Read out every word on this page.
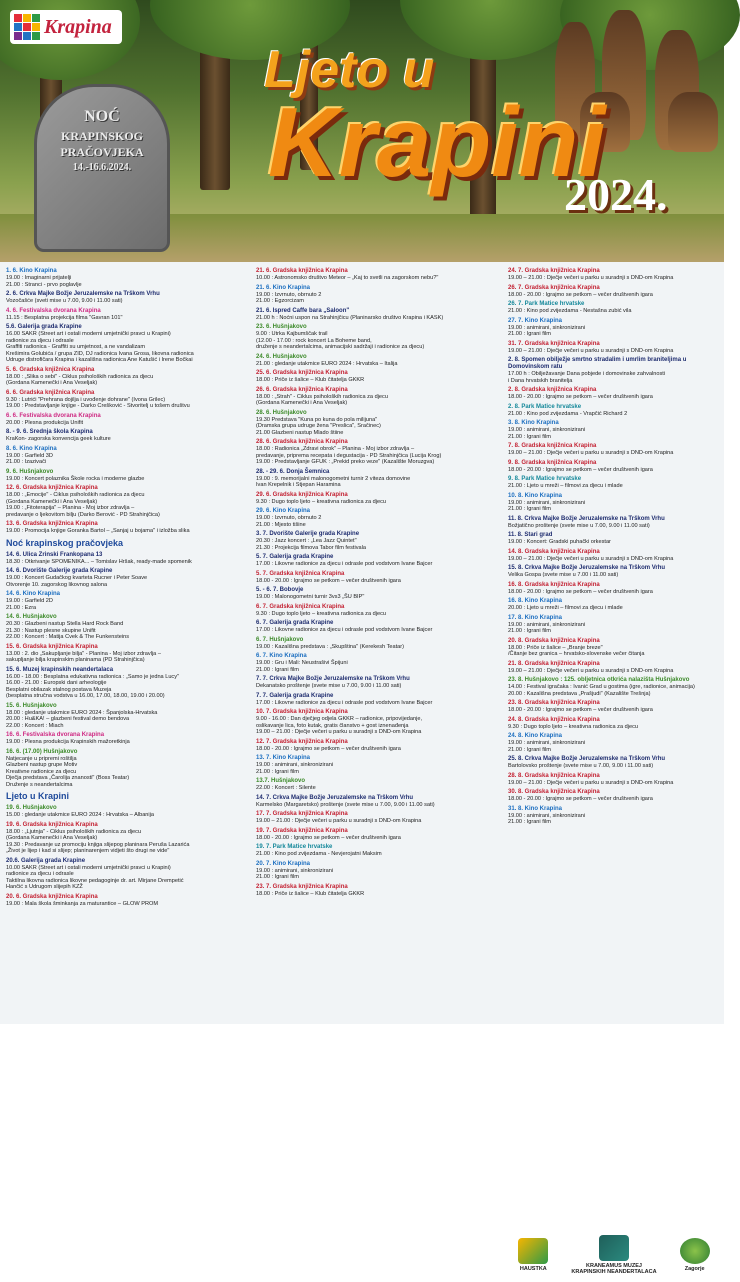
Krapina
NOĆ
KRAPINSKOG
PRAČOVJEKA
14.-16.6.2024.
Ljeto u
Krapini
2024.
1. 6. Kino Krapina
19.00 : Imaginarni prijatelji
21.00 : Stranci - prvo poglavlje
2. 6. Crkva Majke Božje Jeruzalemske na Trškom Vrhu
Vozočašće (sveti mise u 7.00, 9.00 i 11.00 sati)
4. 6. Festivalska dvorana Krapina
11.15 : Besplatna projekcija filma "Gavran 101"
5.6. Galerija grada Krapine
16.00 SAKR (Street art i ostali moderni umjetnički pravci u Krapini)
radionice za djecu i odrasle
Graffiti radionica - Graffiti su umjetnost, a ne vandalizam
Krešimira Golubića / grupa ZID, DJ radionica Ivana Grosa, likovna radionica
Udruge distrofičara Krapina i kazališna radionica Ane Katušić i Irene Bočkai
5. 6. Gradska knjižnica Krapina
18.00 : „Slika o sebi" - Ciklus psiholoških radionica za djecu
(Gordana Kamenečki i Ana Veseljak)
6. 6. Gradska knjižnica Krapina
9.30 : Lutrići "Prehrana dojilja i uvođenje dohrane" (Ivona Grilec)
19.00 : Predstavljanje knjige - Darko Crešković - Stvoritelj u tošem društvu
6. 6. Festivalska dvorana Krapina
20.00 : Plesna produkcija Unifit
8. - 9. 6. Srednja škola Krapina
KraKon- zagorska konvencija geek kulture
8. 6. Kino Krapina
19.00 : Garfield 3D
21.00 : Izazivači
9. 6. Hušnjakovo
19.00 : Koncert polaznika Škole rocka i moderne glazbe
12. 6. Gradska knjižnica Krapina
18.00 : „Emocije" - Ciklus psiholoških radionica za djecu
(Gordana Kamenečki i Ana Veseljak)
19.00 : „Fitoterapija" – Planina - Moj izbor zdravlja –
predavanje o ljekovitom bilju (Darko Berović - PD Strahinjčica)
13. 6. Gradska knjižnica Krapina
19.00 : Promocija knjige Goranka Bartol – „Sanjaj u bojama" i izložba slika
Noć krapinskog pračovjeka
14. 6. Ulica Zrinski Frankopana 13
18.30 : Otkrivanje SPOMENIKA... – Tomislav Hršak, ready-made spomenik
14. 6. Dvorište Galerije grada Krapine
19.00 : Koncert Gudačkog kvarteta Rucner i Peter Soave
Otvorenje 10. zagorskog likovnog salona
14. 6. Kino Krapina
19.00 : Garfield 2D
21.00 : Ezra
14. 6. Hušnjakovo
20.30 : Glazbeni nastup Stella Hard Rock Band
21.30 : Nastup plesne skupine Unifit
22.00 : Koncert : Matija Cvek & The Funkensteins
15. 6. Gradska knjižnica Krapina
13.00 : 2. dio „Sakupljanje bilja" - Planina - Moj izbor zdravlja –
sakupljanje bilja krapinskim planinama (PD Strahinjčica)
15. 6. Muzej krapinskih neandertalaca
16.00 - 18.00 : Besplatna edukativna radionica : „Samo je jedna Lucy"
16.00 - 21.00 : Europski dani arheologije
Besplatni obilazak stalnog postava Muzeja
(besplatna stručna vodstva u 16.00, 17.00, 18.00, 19.00 i 20.00)
15. 6. Hušnjakovo
18.00 : gledanje utakmice EURO 2024 : Španjolska-Hrvatska
20.00 : Hu&KA! – glazbeni festival demo bendova
22.00 : Koncert : Miach
16. 6. Festivalska dvorana Krapina
19.00 : Plesna produkcija Krapinskih mažoretkinja
16. 6. (17.00) Hušnjakovo
Natjecanje u pripremi roštilja
Glazbeni nastup grupe Motiv
Kreativne radionice za djecu
Dječja predstava „Čarolija znanosti" (Boss Teatar)
Druženje s neandertalcima
Ljeto u Krapini
19. 6. Hušnjakovo
15.00 : gledanje utakmice EURO 2024 : Hrvatska – Albanija
19. 6. Gradska knjižnica Krapina
18.00 : „Ljutnja" - Ciklus psiholoških radionica za djecu
(Gordana Kamenečki i Ana Veseljak)
19.30 : Predavanje uz promociju knjiga slijepog planinara Peruša Lazarića
„Život je lijep i kad si slijep; planinarenjem vidjeti što drugi ne vide"
20.6. Galerija grada Krapine
10.00 SAKR (Street art i ostali moderni umjetnički pravci u Krapini)
radionice za djecu i odrasle
Taktilna likovna radionica likovne pedagoginje dr. art. Mirjane Drempetić
Hančić s Udrugom slijepih KZŽ
20. 6. Gradska knjižnica Krapina
19.00 : Mala škola šminkanja za maturantice – GLOW PROM
21. 6. Gradska knjižnica Krapina
10.00 : Astronomsko društvo Meteor – „Kaj to svetli na zagorskom nebu?"
21. 6. Kino Krapina
19.00 : Izvrnuto, obrnuto 2
21.00 : Egzorcizam
21. 6. Ispred Caffe bara „Saloon"
21.00 h : Noćni uspon na Strahinjčicu (Planinarsko društvo Krapina i KASK)
23. 6. Hušnjakovo
9.00 : Utrka Kajbumščak trail
(12.00 - 17.00 : rock koncert La Boheme band,
druženje s neandertalcima, animacijski sadržaji i radionice za djecu)
24. 6. Hušnjakovo
21.00 : gledanje utakmice EURO 2024 : Hrvatska – Italija
25. 6. Gradska knjižnica Krapina
18.00 : Priče iz šalice – Klub čitatelja GKKR
26. 6. Gradska knjižnica Krapina
18.00 : „Strah" - Ciklus psiholoških radionica za djecu
(Gordana Kamenečki i Ana Veseljak)
28. 6. Hušnjakovo
19.30 Predstava "Kuna po kuna do pola milijuna"
(Dramska grupa udruge žena "Preslica", Sračinec)
21.00 Glazbeni nastup Mlado štiine
28. 6. Gradska knjižnica Krapina
18.00 : Radionica „Zdravi obrok" – Planina - Moj izbor zdravlja –
predavanje, priprema recepata i degustacija - PD Strahinjčica (Lucija Krog)
19.00 : Predstavljanje GFUK : „Prekid preko veze" (Kazalište Moruzgva)
28. - 29. 6. Donja Šemnica
19.00 : 9. memorijalni malonogometni turnir 2 viteza domovine
Ivan Krepelnik i Stjepan Haramina
29. 6. Gradska knjižnica Krapina
9.30 : Dugo toplo ljeto – kreativna radionica za djecu
29. 6. Kino Krapina
19.00 : Izvrnuto, obrnuto 2
21.00 : Mjesto tišine
3. 7. Dvorište Galerije grada Krapine
20.30 : Jazz koncert : „Lea Jazz Quintet"
21.30 : Projekcija filmova Tabor film festivala
5. 7. Galerija grada Krapine
17.00 : Likovne radionice za djecu i odrasle pod vodstvom Ivane Bajcer
5. 7. Gradska knjižnica Krapina
18.00 - 20.00 : Igrajmo se petkom – večer društvenih igara
5. - 6. 7. Bobovje
19.00 : Malonogometni turnir 3vs3 „ŠU BIP"
6. 7. Gradska knjižnica Krapina
9.30 : Dugo toplo ljeto – kreativna radionica za djecu
6. 7. Galerija grada Krapine
17.00 : Likovne radionice za djecu i odrasle pod vodstvom Ivane Bajcer
6. 7. Hušnjakovo
19.00 : Kazališna predstava : „Skupština" (Kerekesh Teatar)
6. 7. Kino Krapina
19.00 : Gru i Mali: Neustrašivi Špijuni
21.00 : Igrani film
7. 7. Crkva Majke Božje Jeruzalemske na Trškom Vrhu
Dekanatsko proštenje (svete mise u 7.00, 9.00 i 11.00 sati)
7. 7. Galerija grada Krapine
17.00 : Likovne radionice za djecu i odrasle pod vodstvom Ivane Bajcer
10. 7. Gradska knjižnica Krapina
9.00 - 16.00 : Dan dječjeg odjela GKKR – radionice, pripovijedanje,
oslikavanje lica, foto kutak, gratis članstvo + gost iznenađenja
19.00 – 21.00 : Dječje večeri u parku u suradnji s DND-om Krapina
12. 7. Gradska knjižnica Krapina
18.00 - 20.00 : Igrajmo se petkom – večer društvenih igara
13. 7. Kino Krapina
19.00 : animirani, sinkronizirani
21.00 : Igrani film
13.7. Hušnjakovo
22.00 : Koncert : Silente
14. 7. Crkva Majke Božje Jeruzalemske na Trškom Vrhu
Karmelsko (Margaretsko) proštenje (svete mise u 7.00, 9.00 i 11.00 sati)
17. 7. Gradska knjižnica Krapina
19.00 – 21.00 : Dječje večeri u parku u suradnji s DND-om Krapina
19. 7. Gradska knjižnica Krapina
18.00 - 20.00 : Igrajmo se petkom – večer društvenih igara
19. 7. Park Matice hrvatske
21.00 : Kino pod zvijezdama - Nevjerojatni Maksim
20. 7. Kino Krapina
19.00 : animirani, sinkronizirani
21.00 : Igrani film
23. 7. Gradska knjižnica Krapina
18.00 : Priče iz šalice – Klub čitatelja GKKR
24. 7. Gradska knjižnica Krapina
19.00 – 21.00 : Dječje večeri u parku u suradnji s DND-om Krapina
26. 7. Gradska knjižnica Krapina
18.00 - 20.00 : Igrajmo se petkom – večer društvenih igara
26. 7. Park Matice hrvatske
21.00 : Kino pod zvijezdama - Nestašna zubić vila
27. 7. Kino Krapina
19.00 : animirani, sinkronizirani
21.00 : Igrani film
31. 7. Gradska knjižnica Krapina
19.00 – 21.00 : Dječje večeri u parku u suradnji s DND-om Krapina
2. 8. Spomen obilježje smrtno stradalim i umrlim braniteljima u Domovinskom ratu
17.00 h : Obilježavanje Dana pobjede i domovinske zahvalnosti
i Dana hrvatskih branitelja
2. 8. Gradska knjižnica Krapina
18.00 - 20.00 : Igrajmo se petkom – večer društvenih igara
2. 8. Park Matice hrvatske
21.00 : Kino pod zvijezdama - Vrapčić Richard 2
3. 8. Kino Krapina
19.00 : animirani, sinkronizirani
21.00 : Igrani film
7. 8. Gradska knjižnica Krapina
19.00 – 21.00 : Dječje večeri u parku u suradnji s DND-om Krapina
9. 8. Gradska knjižnica Krapina
18.00 - 20.00 : Igrajmo se petkom – večer društvenih igara
9. 8. Park Matice hrvatske
21.00 : Ljeto u mreži – filmovi za djecu i mlade
10. 8. Kino Krapina
19.00 : animirani, sinkronizirani
21.00 : Igrani film
11. 8. Crkva Majke Božje Jeruzalemske na Trškom Vrhu
Božjatično proštenje (svete mise u 7.00, 9.00 i 11.00 sati)
11. 8. Stari grad
19.00 : Koncert: Gradski puhački orkestar
14. 8. Gradska knjižnica Krapina
19.00 – 21.00 : Dječje večeri u parku u suradnji s DND-om Krapina
15. 8. Crkva Majke Božje Jeruzalemske na Trškom Vrhu
Velika Gospa (svete mise u 7.00 i 11.00 sati)
16. 8. Gradska knjižnica Krapina
18.00 - 20.00 : Igrajmo se petkom – večer društvenih igara
16. 8. Kino Krapina
20.00 : Ljeto u mreži – filmovi za djecu i mlade
17. 8. Kino Krapina
19.00 : animirani, sinkronizirani
21.00 : Igrani film
20. 8. Gradska knjižnica Krapina
18.00 : Priče iz šalice – „Branje breze"
/Čitanje bez granica – hrvatsko-slovenske večer čitanja
21. 8. Gradska knjižnica Krapina
19.00 – 21.00 : Dječje večeri u parku u suradnji s DND-om Krapina
23. 8. Hušnjakovo : 125. obljetnica otkrića nalazišta Hušnjakovo
14.00 : Festival igračaka : Ivanić Grad u gostima (igre, radionice, animacija)
20.00 : Kazališna predstava „Prašjudi" (Kazalište Trešnja)
23. 8. Gradska knjižnica Krapina
18.00 - 20.00 : Igrajmo se petkom – večer društvenih igara
24. 8. Gradska knjižnica Krapina
9.30 : Dugo toplo ljeto – kreativna radionica za djecu
24. 8. Kino Krapina
19.00 : animirani, sinkronizirani
21.00 : Igrani film
25. 8. Crkva Majke Božje Jeruzalemske na Trškom Vrhu
Bartolovsko proštenje (svete mise u 7.00, 9.00 i 11.00 sati)
28. 8. Gradska knjižnica Krapina
19.00 – 21.00 : Dječje večeri u parku u suradnji s DND-om Krapina
30. 8. Gradska knjižnica Krapina
18.00 - 20.00 : Igrajmo se petkom – večer društvenih igara
31. 8. Kino Krapina
19.00 : animirani, sinkronizirani
21.00 : Igrani film
HAUSTKA	KRANEAMUS MUZEJ KRAPINSKIH NEANDERTALACA	Zagorje
